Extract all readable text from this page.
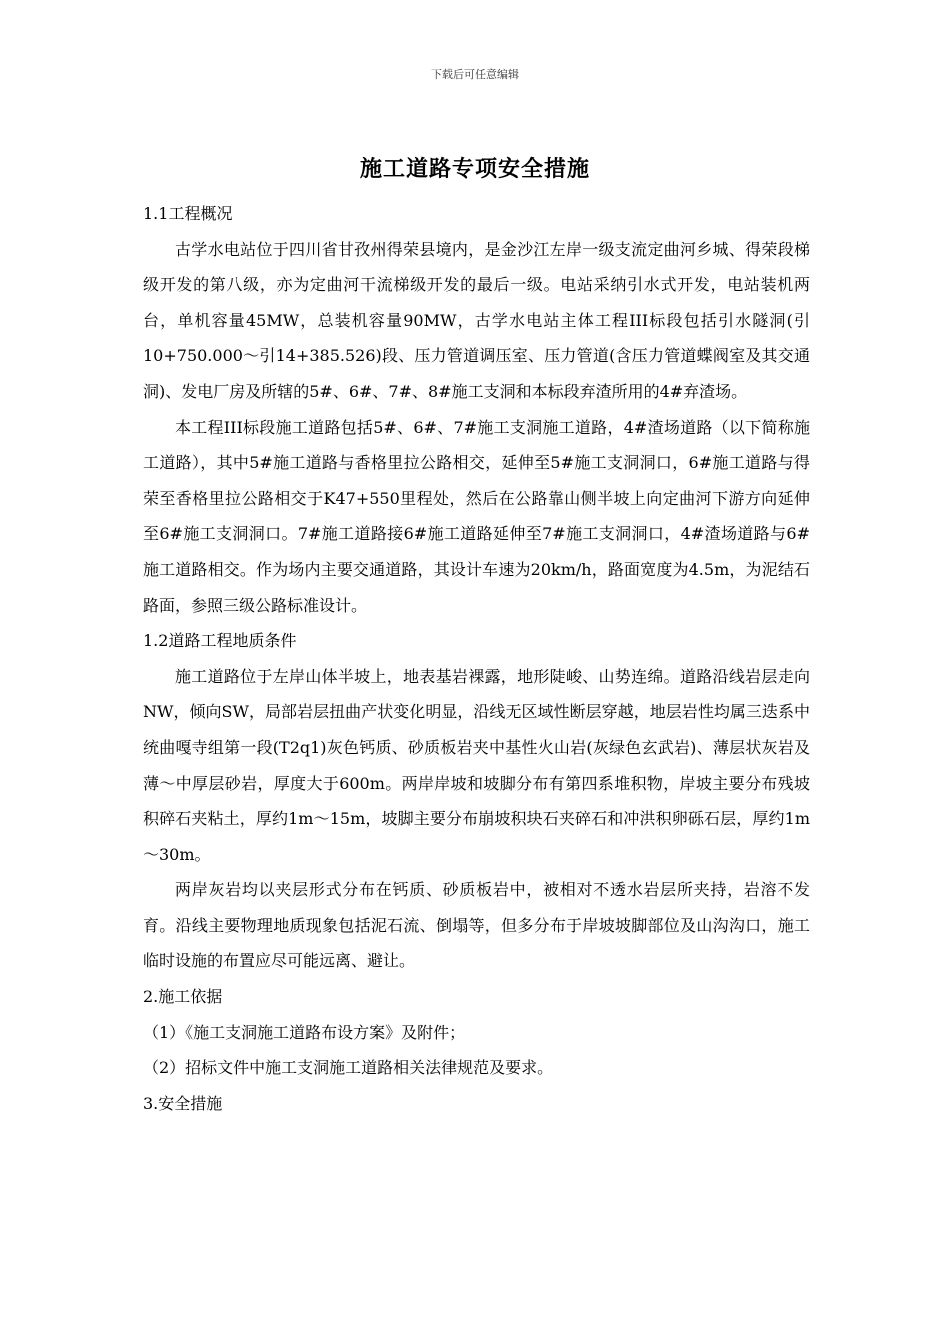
下载后可任意编辑
施工道路专项安全措施

1.1工程概况

古学水电站位于四川省甘孜州得荣县境内，是金沙江左岸一级支流定曲河乡城、得荣段梯级开发的第八级，亦为定曲河干流梯级开发的最后一级。电站采纳引水式开发，电站装机两台，单机容量45MW，总装机容量90MW，古学水电站主体工程III标段包括引水隧洞(引10+750.000～引14+385.526)段、压力管道调压室、压力管道(含压力管道蝶阀室及其交通洞)、发电厂房及所辖的5#、6#、7#、8#施工支洞和本标段弃渣所用的4#弃渣场。

本工程III标段施工道路包括5#、6#、7#施工支洞施工道路，4#渣场道路（以下简称施工道路），其中5#施工道路与香格里拉公路相交，延伸至5#施工支洞洞口，6#施工道路与得荣至香格里拉公路相交于K47+550里程处，然后在公路靠山侧半坡上向定曲河下游方向延伸至6#施工支洞洞口。7#施工道路接6#施工道路延伸至7#施工支洞洞口，4#渣场道路与6#施工道路相交。作为场内主要交通道路，其设计车速为20km/h，路面宽度为4.5m，为泥结石路面，参照三级公路标准设计。

1.2道路工程地质条件

施工道路位于左岸山体半坡上，地表基岩裸露，地形陡峻、山势连绵。道路沿线岩层走向NW，倾向SW，局部岩层扭曲产状变化明显，沿线无区域性断层穿越，地层岩性均属三迭系中统曲嘎寺组第一段(T2q1)灰色钙质、砂质板岩夹中基性火山岩(灰绿色玄武岩)、薄层状灰岩及薄～中厚层砂岩，厚度大于600m。两岸岸坡和坡脚分布有第四系堆积物，岸坡主要分布残坡积碎石夹粘土，厚约1m～15m，坡脚主要分布崩坡积块石夹碎石和冲洪积卵砾石层，厚约1m～30m。

两岸灰岩均以夹层形式分布在钙质、砂质板岩中，被相对不透水岩层所夹持，岩溶不发育。沿线主要物理地质现象包括泥石流、倒塌等，但多分布于岸坡坡脚部位及山沟沟口，施工临时设施的布置应尽可能远离、避让。

2.施工依据

（1）《施工支洞施工道路布设方案》及附件；

（2）招标文件中施工支洞施工道路相关法律规范及要求。

3.安全措施
